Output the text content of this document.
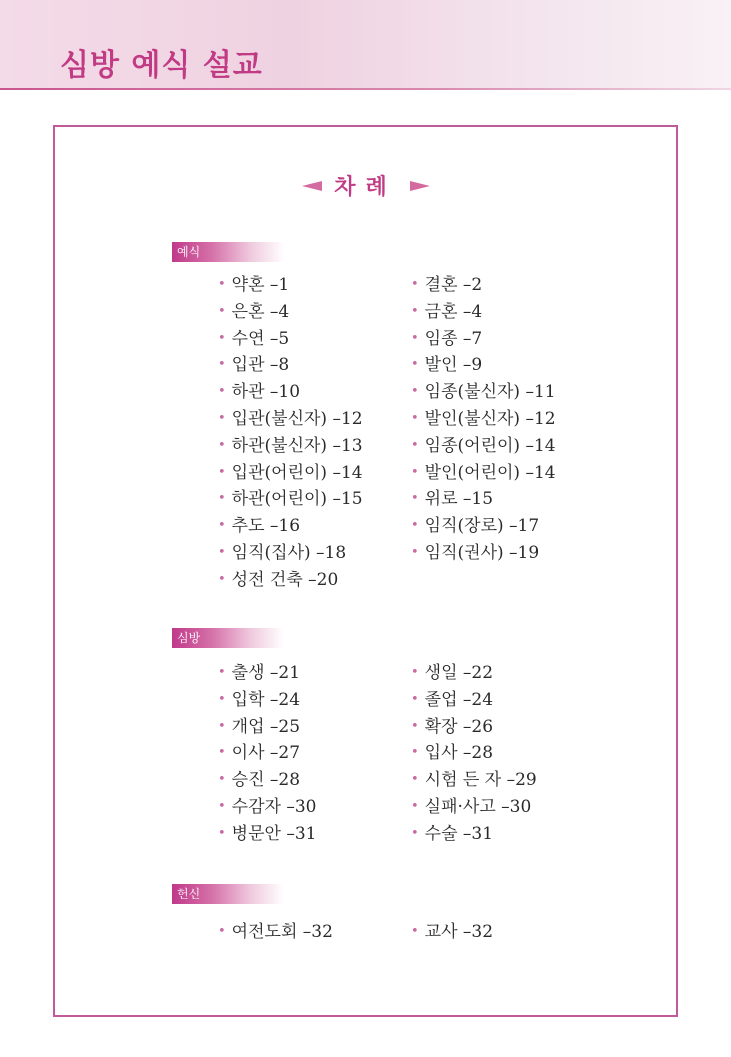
심방 예식 설교
차례
예식
• 약혼 –1	• 결혼 –2
• 은혼 –4	• 금혼 –4
• 수연 –5	• 임종 –7
• 입관 –8	• 발인 –9
• 하관 –10	• 임종(불신자) –11
• 입관(불신자) –12	• 발인(불신자) –12
• 하관(불신자) –13	• 임종(어린이) –14
• 입관(어린이) –14	• 발인(어린이) –14
• 하관(어린이) –15	• 위로 –15
• 추도 –16	• 임직(장로) –17
• 임직(집사) –18	• 임직(권사) –19
• 성전 건축 –20
심방
• 출생 –21	• 생일 –22
• 입학 –24	• 졸업 –24
• 개업 –25	• 확장 –26
• 이사 –27	• 입사 –28
• 승진 –28	• 시험 든 자 –29
• 수감자 –30	• 실패·사고 –30
• 병문안 –31	• 수술 –31
헌신
• 여전도회 –32	• 교사 –32
